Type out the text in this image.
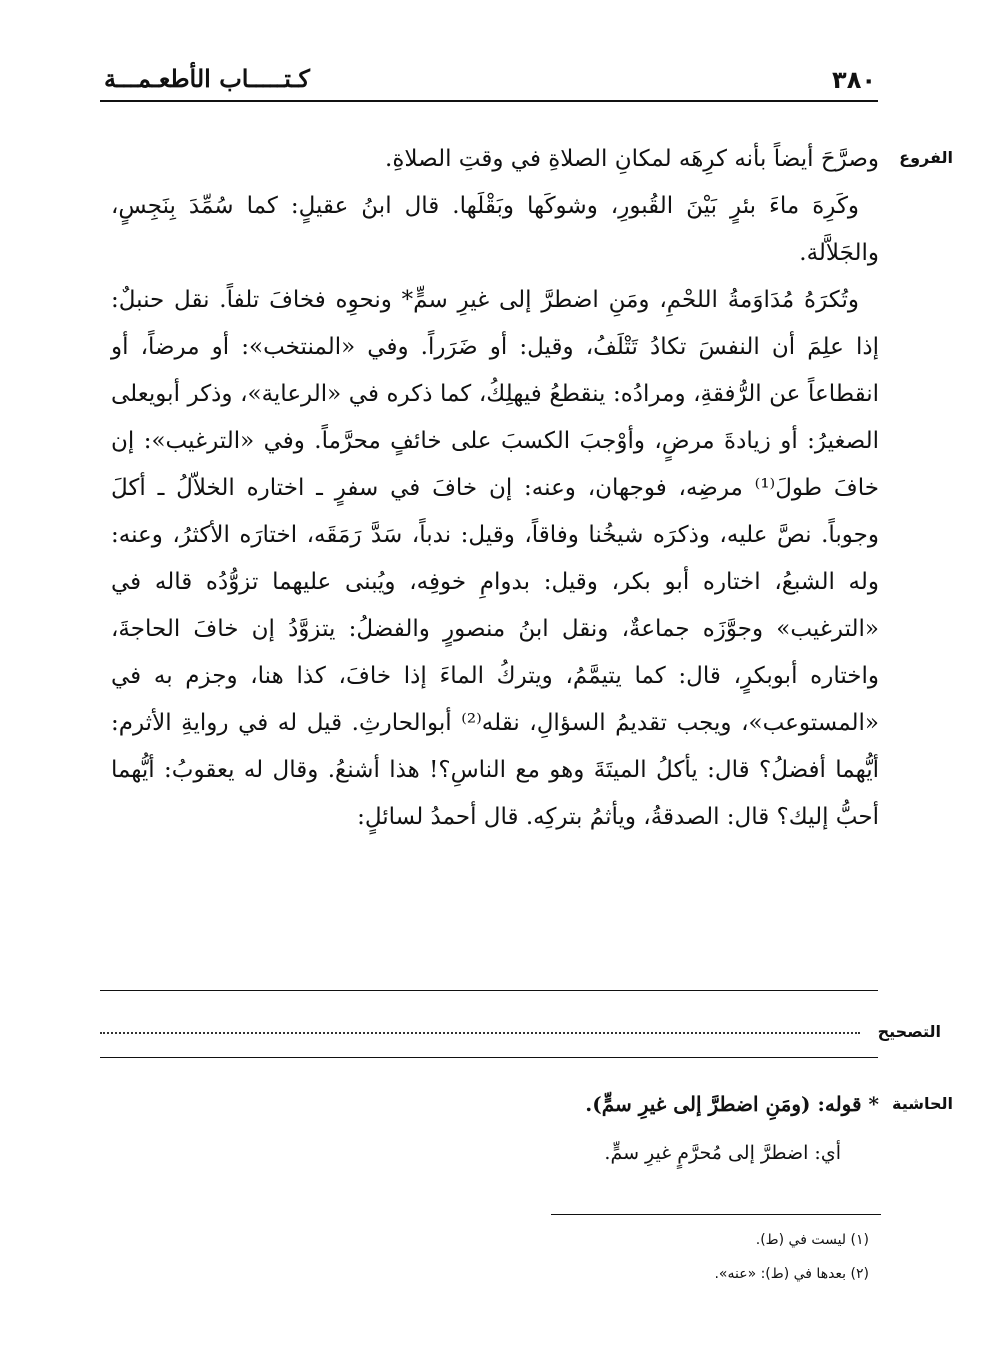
٣٨٠
كـتـــــاب الأطعـمـــة
الفروع

وصرَّحَ أيضاً بأنه كرِهَه لمكانِ الصلاةِ في وقتِ الصلاةِ.

وكَرِهَ ماءَ بئرٍ بَيْنَ القُبورِ، وشوكَها وبَقْلَها. قال ابنُ عقيلٍ: كما سُمِّدَ بِنَجِسٍ، والجَلاَّلة.

وتُكرَهُ مُدَاوَمةُ اللحْمِ، ومَنِ اضطرَّ إلى غيرِ سمٍّ* ونحوِه فخافَ تلفاً. نقل حنبلٌ: إذا علِمَ أن النفسَ تكادُ تَتْلَفُ، وقيل: أو ضَرَراً. وفي «المنتخب»: أو مرضاً، أو انقطاعاً عن الرُّفقةِ، ومرادُه: ينقطعُ فيهلِكُ، كما ذكره في «الرعاية»، وذكر أبويعلى الصغيرُ: أو زيادةَ مرضٍ، وأوْجبَ الكسبَ على خائفٍ محرَّماً. وفي «الترغيب»: إن خافَ طولَ⁽¹⁾ مرضِه، فوجهان، وعنه: إن خافَ في سفرٍ ـ اختاره الخلاّلُ ـ أكلَ وجوباً. نصَّ عليه، وذكرَه شيخُنا وفاقاً، وقيل: ندباً، سَدَّ رَمَقَه، اختارَه الأكثرُ، وعنه: وله الشبعُ، اختاره أبو بكر، وقيل: بدوامِ خوفِه، ويُبنى عليهما تزوُّدُه قاله في «الترغيب» وجوَّزَه جماعةٌ، ونقل ابنُ منصورٍ والفضلُ: يتزوَّدُ إن خافَ الحاجةَ، واختاره أبوبكرٍ، قال: كما يتيمَّمُ، ويتركُ الماءَ إذا خافَ، كذا هنا، وجزم به في «المستوعب»، ويجب تقديمُ السؤالِ، نقله⁽²⁾ أبوالحارثِ. قيل له في روايةِ الأثرم: أيُّهما أفضلُ؟ قال: يأكلُ الميتَةَ وهو مع الناسِ؟! هذا أشنعُ. وقال له يعقوبُ: أيُّهما أحبُّ إليك؟ قال: الصدقةُ، ويأثمُ بتركِه. قال أحمدُ لسائلٍ:

التصحيح
الحاشية
* قوله: (ومَنِ اضطرَّ إلى غيرِ سمٍّ).
أي: اضطرَّ إلى مُحرَّمٍ غيرِ سمٍّ.
(١) ليست في (ط).
(٢) بعدها في (ط): «عنه».
